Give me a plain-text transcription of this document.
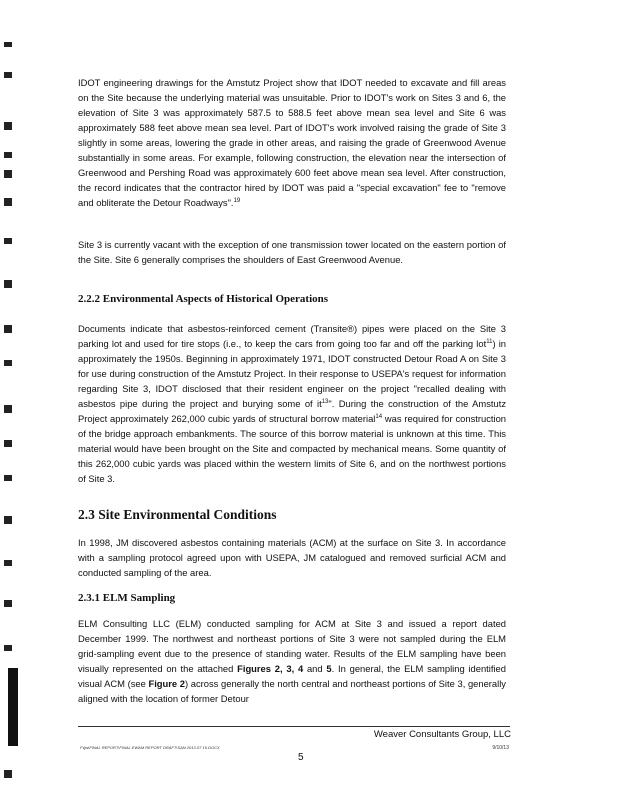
IDOT engineering drawings for the Amstutz Project show that IDOT needed to excavate and fill areas on the Site because the underlying material was unsuitable. Prior to IDOT's work on Sites 3 and 6, the elevation of Site 3 was approximately 587.5 to 588.5 feet above mean sea level and Site 6 was approximately 588 feet above mean sea level. Part of IDOT's work involved raising the grade of Site 3 slightly in some areas, lowering the grade in other areas, and raising the grade of Greenwood Avenue substantially in some areas. For example, following construction, the elevation near the intersection of Greenwood and Pershing Road was approximately 600 feet above mean sea level. After construction, the record indicates that the contractor hired by IDOT was paid a "special excavation" fee to "remove and obliterate the Detour Roadways".$^{19}$

Site 3 is currently vacant with the exception of one transmission tower located on the eastern portion of the Site. Site 6 generally comprises the shoulders of East Greenwood Avenue.

2.2.2 Environmental Aspects of Historical Operations

Documents indicate that asbestos-reinforced cement (Transite®) pipes were placed on the Site 3 parking lot and used for tire stops (i.e., to keep the cars from going too far and off the parking lot$^{11}$) in approximately the 1950s. Beginning in approximately 1971, IDOT constructed Detour Road A on Site 3 for use during construction of the Amstutz Project. In their response to USEPA's request for information regarding Site 3, IDOT disclosed that their resident engineer on the project "recalled dealing with asbestos pipe during the project and burying some of $it^{13}$". During the construction of the Amstutz Project approximately 262,000 cubic yards of structural borrow material$^{14}$ was required for construction of the bridge approach embankments. The source of this borrow material is unknown at this time. This material would have been brought on the Site and compacted by mechanical means. Some quantity of this 262,000 cubic yards was placed within the western limits of Site 6, and on the northwest portions of Site 3.

2.3 Site Environmental Conditions

In 1998, JM discovered asbestos containing materials (ACM) at the surface on Site 3. In accordance with a sampling protocol agreed upon with USEPA, JM catalogued and removed surficial ACM and conducted sampling of the area.

2.3.1 ELM Sampling

ELM Consulting LLC (ELM) conducted sampling for ACM at Site 3 and issued a report dated December 1999. The northwest and northeast portions of Site 3 were not sampled during the ELM grid-sampling event due to the presence of standing water. Results of the ELM sampling have been visually represented on the attached Figures 2, 3, 4 and 5. In general, the ELM sampling identified visual ACM (see Figure 2) across generally the north central and northeast portions of Site 3, generally aligned with the location of former Detour

Weaver Consultants Group, LLC
F\ijw\FINAL REPORT\FINAL EWAM REPORT DRAFT\SAN 2013-07 10.DOCX	9/10/13
5
